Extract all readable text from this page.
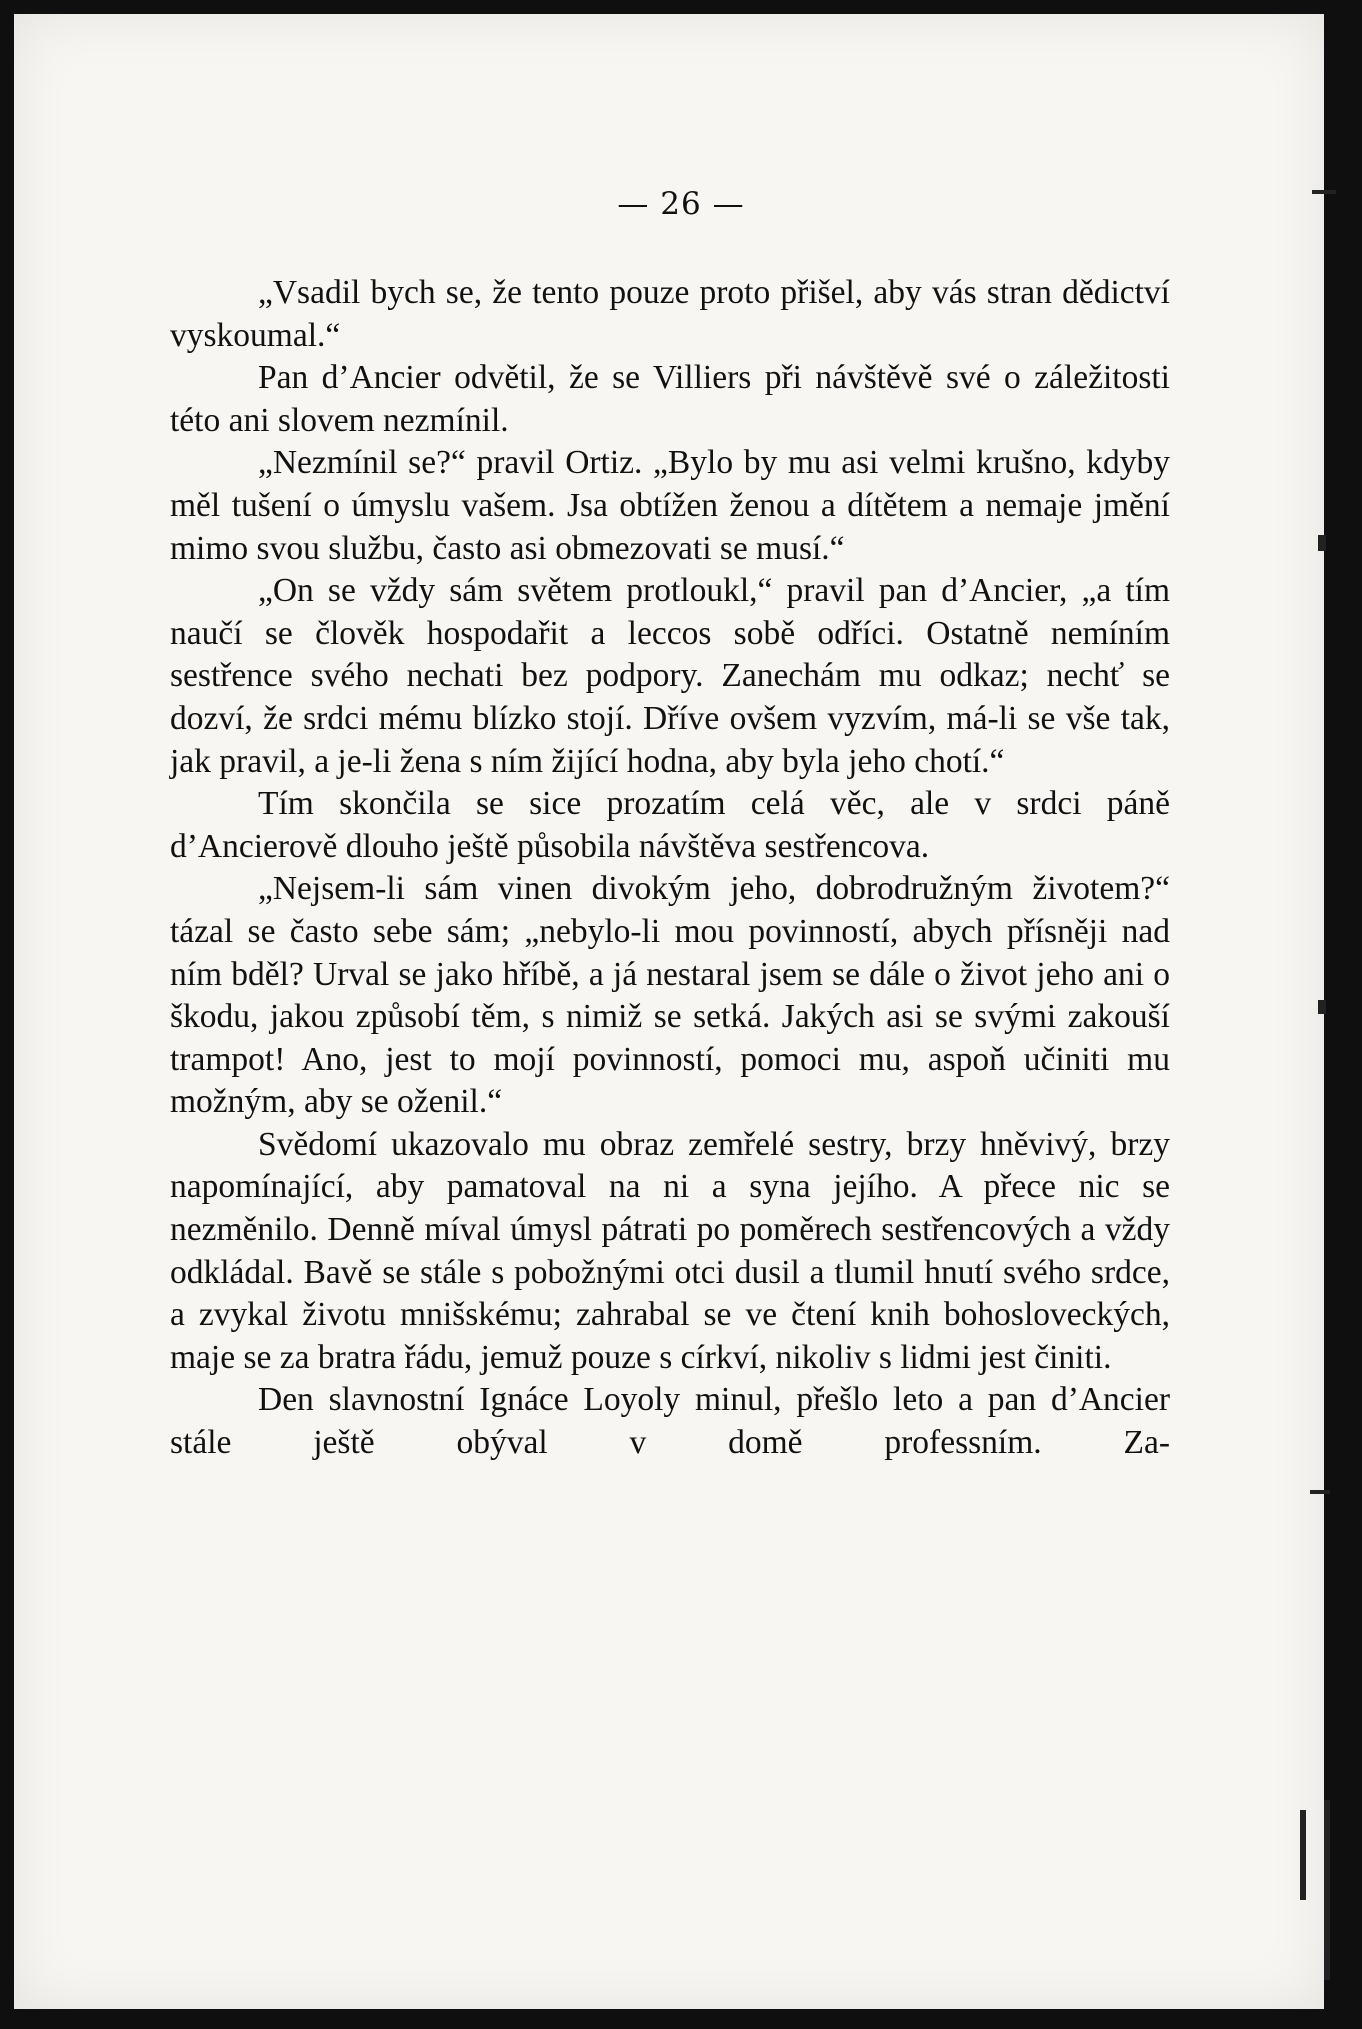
— 26 —

„Vsadil bych se, že tento pouze proto přišel, aby vás stran dědictví vyskoumal.“

Pan d’Ancier odvětil, že se Villiers při návštěvě své o záležitosti této ani slovem nezmínil.

„Nezmínil se?“ pravil Ortiz. „Bylo by mu asi velmi krušno, kdyby měl tušení o úmyslu vašem. Jsa obtížen ženou a dítětem a nemaje jmění mimo svou službu, často asi obmezovati se musí.“

„On se vždy sám světem protloukl,“ pravil pan d’Ancier, „a tím naučí se člověk hospodařit a leccos sobě odříci. Ostatně nemíním sestřence svého nechati bez podpory. Zanechám mu odkaz; nechť se dozví, že srdci mému blízko stojí. Dříve ovšem vyzvím, má-li se vše tak, jak pravil, a je-li žena s ním žijící hodna, aby byla jeho chotí.“

Tím skončila se sice prozatím celá věc, ale v srdci páně d’Ancierově dlouho ještě působila návštěva sestřencova.

„Nejsem-li sám vinen divokým jeho, dobrodružným životem?“ tázal se často sebe sám; „nebylo-li mou povinností, abych přísněji nad ním bděl? Urval se jako hříbě, a já nestaral jsem se dále o život jeho ani o škodu, jakou způsobí těm, s nimiž se setká. Jakých asi se svými zakouší trampot! Ano, jest to mojí povinností, pomoci mu, aspoň učiniti mu možným, aby se oženil.“

Svědomí ukazovalo mu obraz zemřelé sestry, brzy hněvivý, brzy napomínající, aby pamatoval na ni a syna jejího. A přece nic se nezměnilo. Denně míval úmysl pátrati po poměrech sestřencových a vždy odkládal. Bavě se stále s pobožnými otci dusil a tlumil hnutí svého srdce, a zvykal životu mnišskému; zahrabal se ve čtení knih bohosloveckých, maje se za bratra řádu, jemuž pouze s církví, nikoliv s lidmi jest činiti.

Den slavnostní Ignáce Loyoly minul, přešlo leto a pan d’Ancier stále ještě obýval v domě professním. Za-
